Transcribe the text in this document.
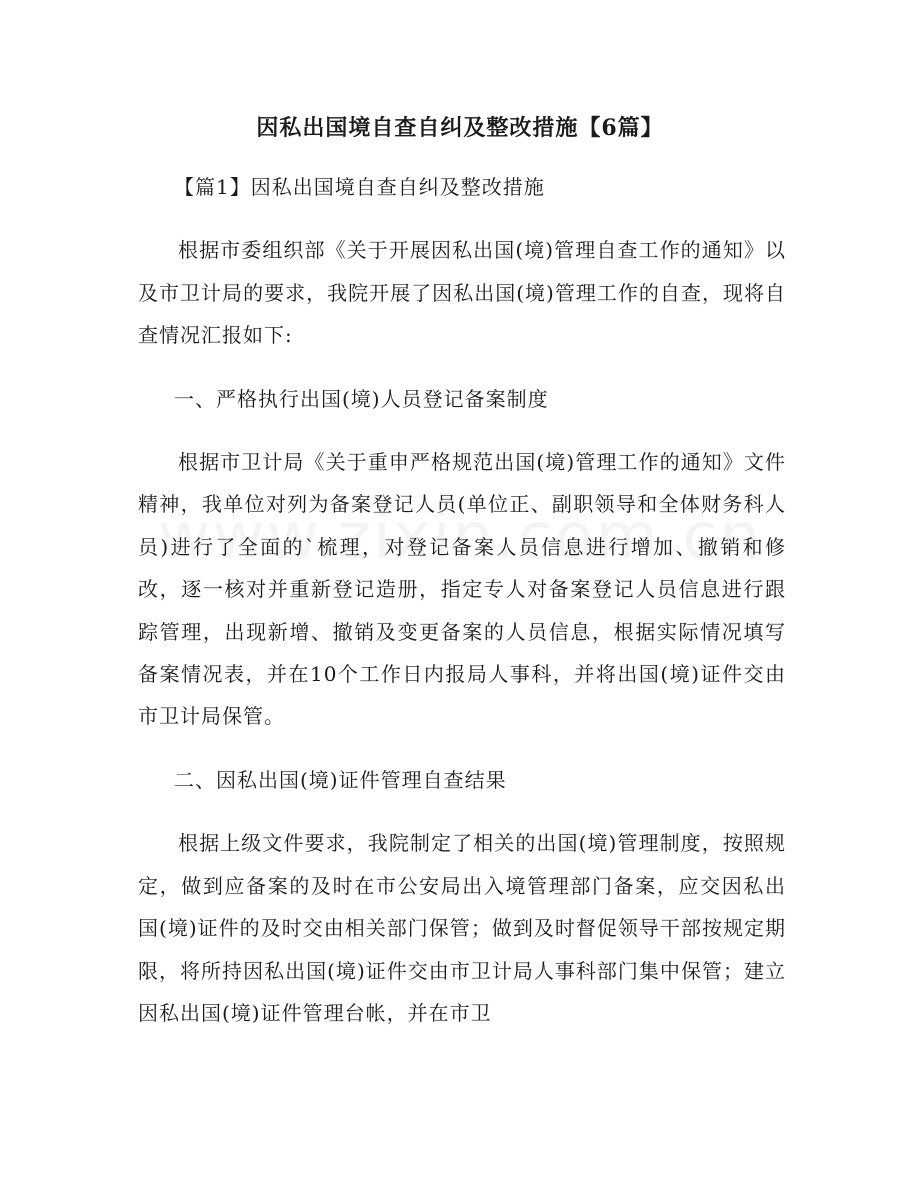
因私出国境自查自纠及整改措施【6篇】

【篇1】因私出国境自查自纠及整改措施

根据市委组织部《关于开展因私出国(境)管理自查工作的通知》以及市卫计局的要求，我院开展了因私出国(境)管理工作的自查，现将自查情况汇报如下:

一、严格执行出国(境)人员登记备案制度

根据市卫计局《关于重申严格规范出国(境)管理工作的通知》文件精神，我单位对列为备案登记人员(单位正、副职领导和全体财务科人员)进行了全面的`梳理，对登记备案人员信息进行增加、撤销和修改，逐一核对并重新登记造册，指定专人对备案登记人员信息进行跟踪管理，出现新增、撤销及变更备案的人员信息，根据实际情况填写备案情况表，并在10个工作日内报局人事科，并将出国(境)证件交由市卫计局保管。

二、因私出国(境)证件管理自查结果

根据上级文件要求，我院制定了相关的出国(境)管理制度，按照规定，做到应备案的及时在市公安局出入境管理部门备案，应交因私出国(境)证件的及时交由相关部门保管；做到及时督促领导干部按规定期限，将所持因私出国(境)证件交由市卫计局人事科部门集中保管；建立因私出国(境)证件管理台帐，并在市卫
